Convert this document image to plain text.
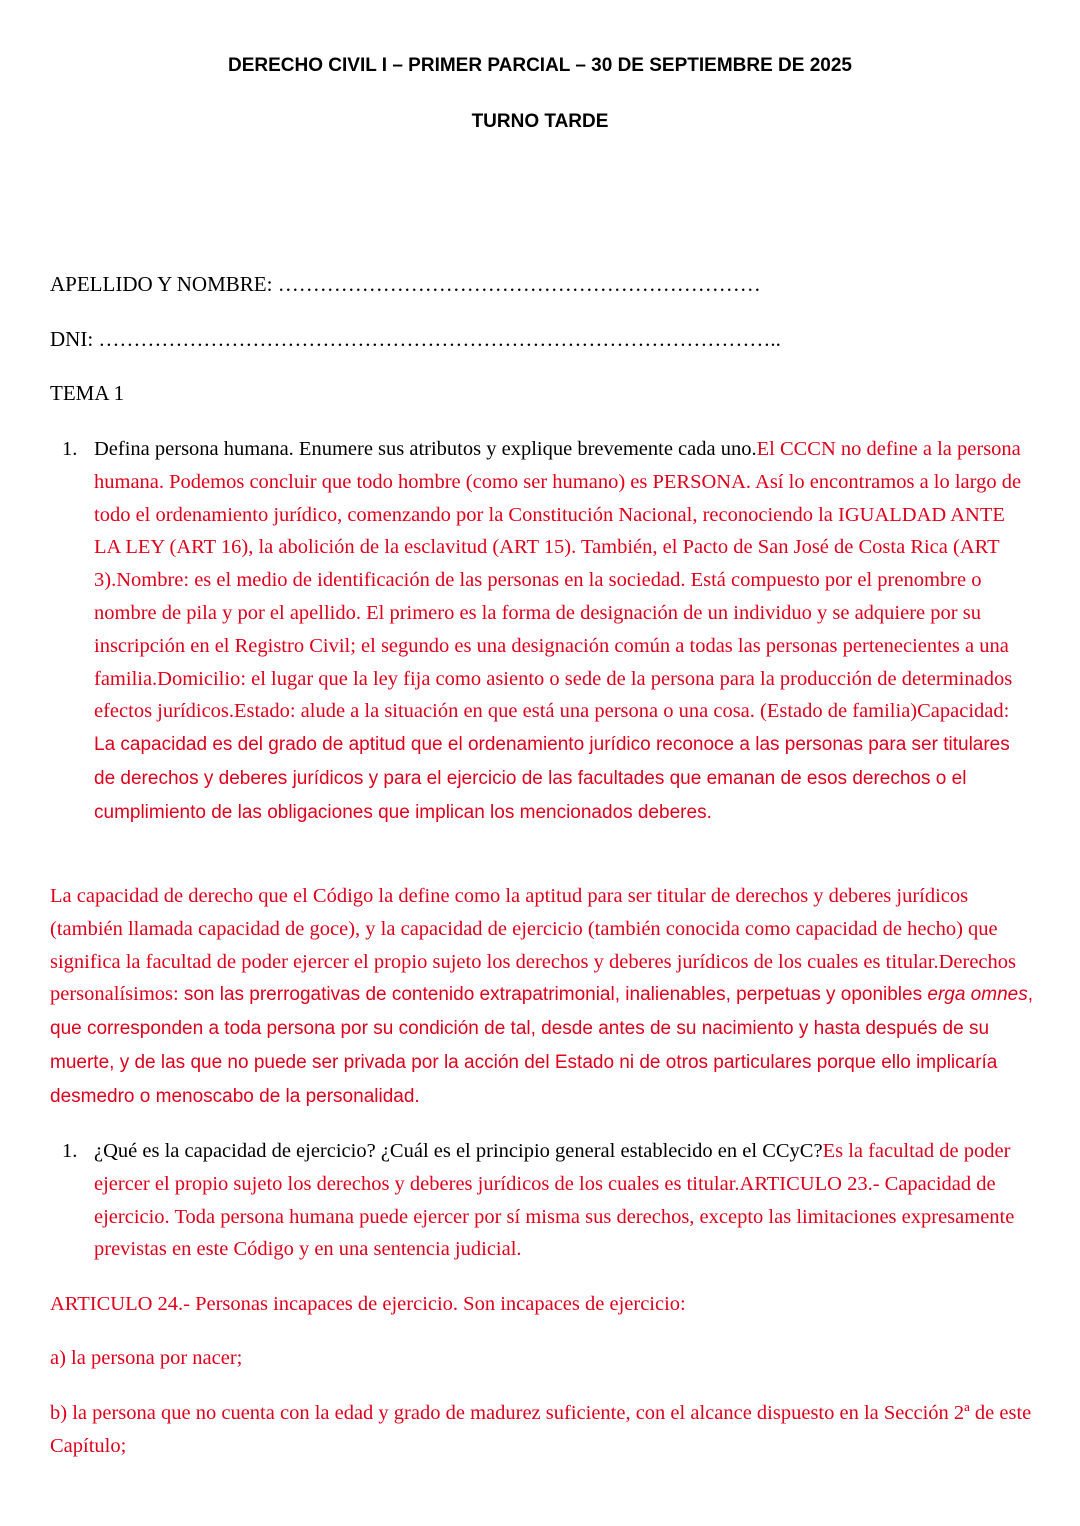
DERECHO CIVIL I – PRIMER PARCIAL – 30 DE SEPTIEMBRE DE 2025
TURNO TARDE

APELLIDO Y NOMBRE: ……………………………………………………………

DNI: ……………………………………………………………………………………..

TEMA 1

1. Defina persona humana. Enumere sus atributos y explique brevemente cada uno.El CCCN no define a la persona humana. Podemos concluir que todo hombre (como ser humano) es PERSONA. Así lo encontramos a lo largo de todo el ordenamiento jurídico, comenzando por la Constitución Nacional, reconociendo la IGUALDAD ANTE LA LEY (ART 16), la abolición de la esclavitud (ART 15). También, el Pacto de San José de Costa Rica (ART 3).Nombre: es el medio de identificación de las personas en la sociedad. Está compuesto por el prenombre o nombre de pila y por el apellido. El primero es la forma de designación de un individuo y se adquiere por su inscripción en el Registro Civil; el segundo es una designación común a todas las personas pertenecientes a una familia.Domicilio: el lugar que la ley fija como asiento o sede de la persona para la producción de determinados efectos jurídicos.Estado: alude a la situación en que está una persona o una cosa. (Estado de familia)Capacidad: La capacidad es del grado de aptitud que el ordenamiento jurídico reconoce a las personas para ser titulares de derechos y deberes jurídicos y para el ejercicio de las facultades que emanan de esos derechos o el cumplimiento de las obligaciones que implican los mencionados deberes.

La capacidad de derecho que el Código la define como la aptitud para ser titular de derechos y deberes jurídicos (también llamada capacidad de goce), y la capacidad de ejercicio (también conocida como capacidad de hecho) que significa la facultad de poder ejercer el propio sujeto los derechos y deberes jurídicos de los cuales es titular.Derechos personalísimos: son las prerrogativas de contenido extrapatrimonial, inalienables, perpetuas y oponibles erga omnes, que corresponden a toda persona por su condición de tal, desde antes de su nacimiento y hasta después de su muerte, y de las que no puede ser privada por la acción del Estado ni de otros particulares porque ello implicaría desmedro o menoscabo de la personalidad.

1. ¿Qué es la capacidad de ejercicio? ¿Cuál es el principio general establecido en el CCyC?Es la facultad de poder ejercer el propio sujeto los derechos y deberes jurídicos de los cuales es titular.ARTICULO 23.- Capacidad de ejercicio. Toda persona humana puede ejercer por sí misma sus derechos, excepto las limitaciones expresamente previstas en este Código y en una sentencia judicial.

ARTICULO 24.- Personas incapaces de ejercicio. Son incapaces de ejercicio:

a) la persona por nacer;

b) la persona que no cuenta con la edad y grado de madurez suficiente, con el alcance dispuesto en la Sección 2ª de este Capítulo;
